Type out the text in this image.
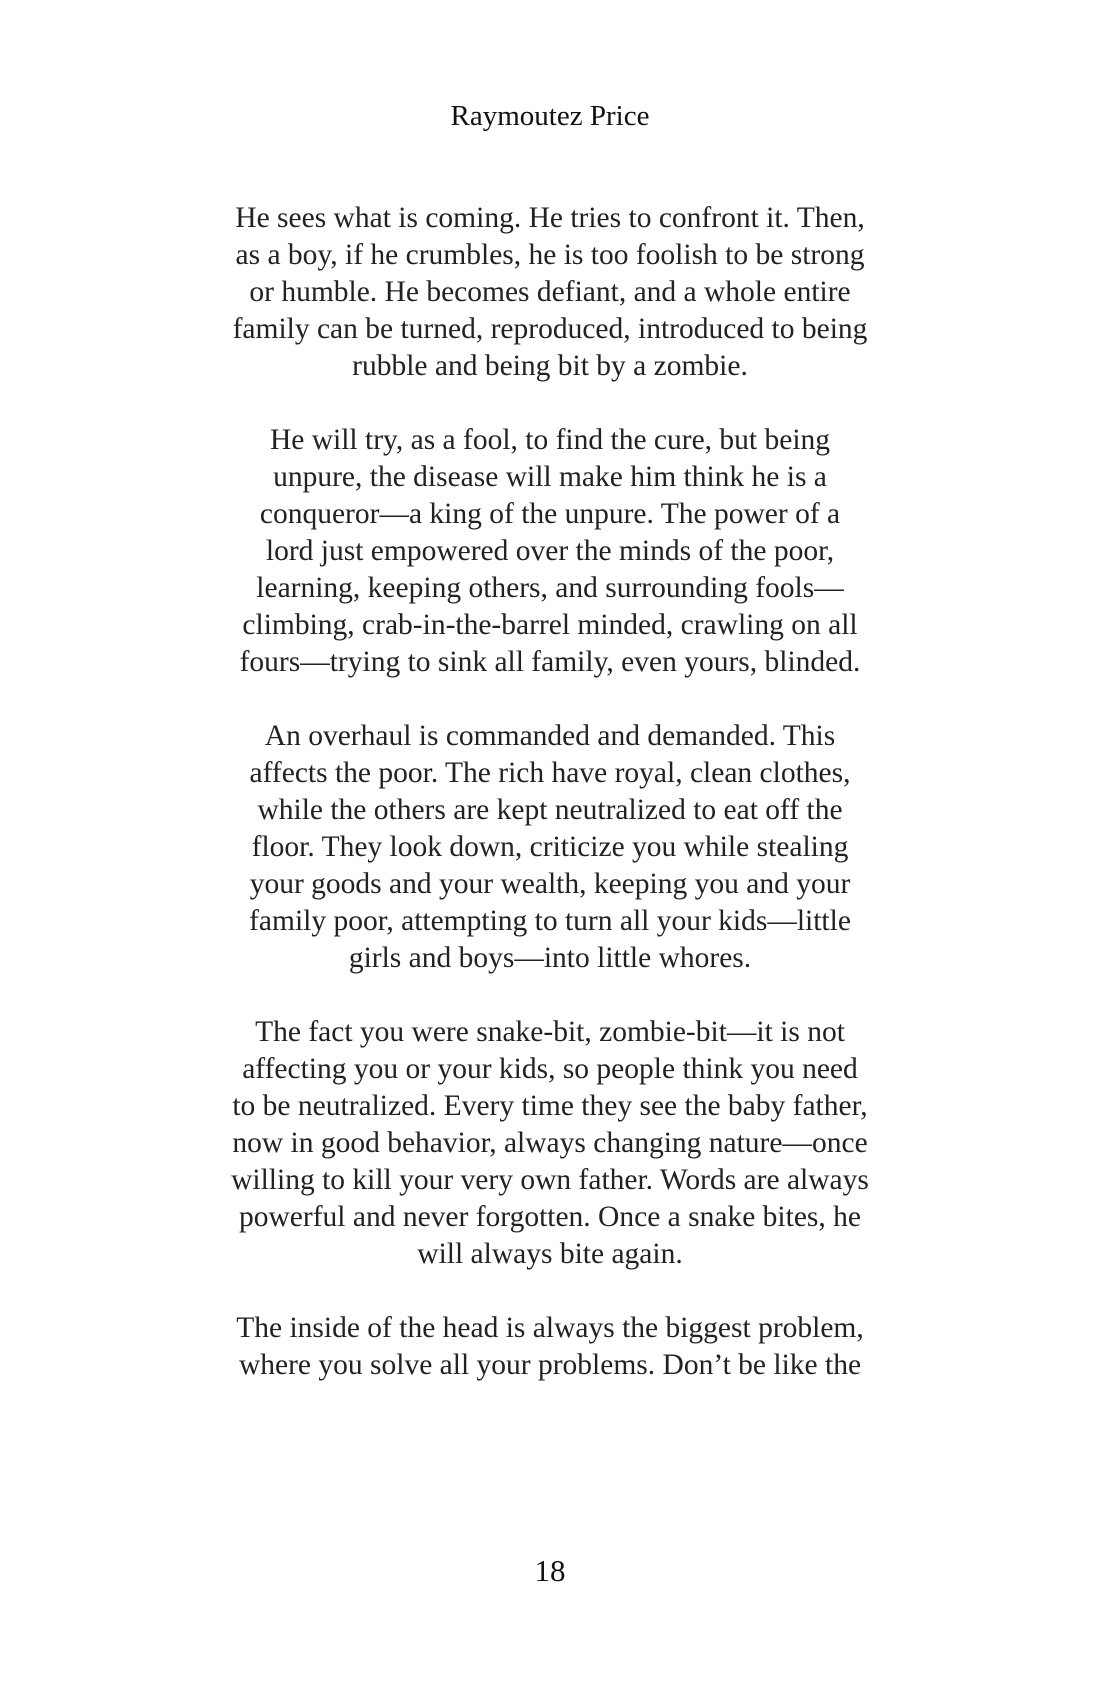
Raymoutez Price

He sees what is coming. He tries to confront it. Then,
as a boy, if he crumbles, he is too foolish to be strong
or humble. He becomes defiant, and a whole entire
family can be turned, reproduced, introduced to being
rubble and being bit by a zombie.

He will try, as a fool, to find the cure, but being
unpure, the disease will make him think he is a
conqueror—a king of the unpure. The power of a
lord just empowered over the minds of the poor,
learning, keeping others, and surrounding fools—
climbing, crab-in-the-barrel minded, crawling on all
fours—trying to sink all family, even yours, blinded.

An overhaul is commanded and demanded. This
affects the poor. The rich have royal, clean clothes,
while the others are kept neutralized to eat off the
floor. They look down, criticize you while stealing
your goods and your wealth, keeping you and your
family poor, attempting to turn all your kids—little
girls and boys—into little whores.

The fact you were snake-bit, zombie-bit—it is not
affecting you or your kids, so people think you need
to be neutralized. Every time they see the baby father,
now in good behavior, always changing nature—once
willing to kill your very own father. Words are always
powerful and never forgotten. Once a snake bites, he
will always bite again.

The inside of the head is always the biggest problem,
where you solve all your problems. Don’t be like the

18
